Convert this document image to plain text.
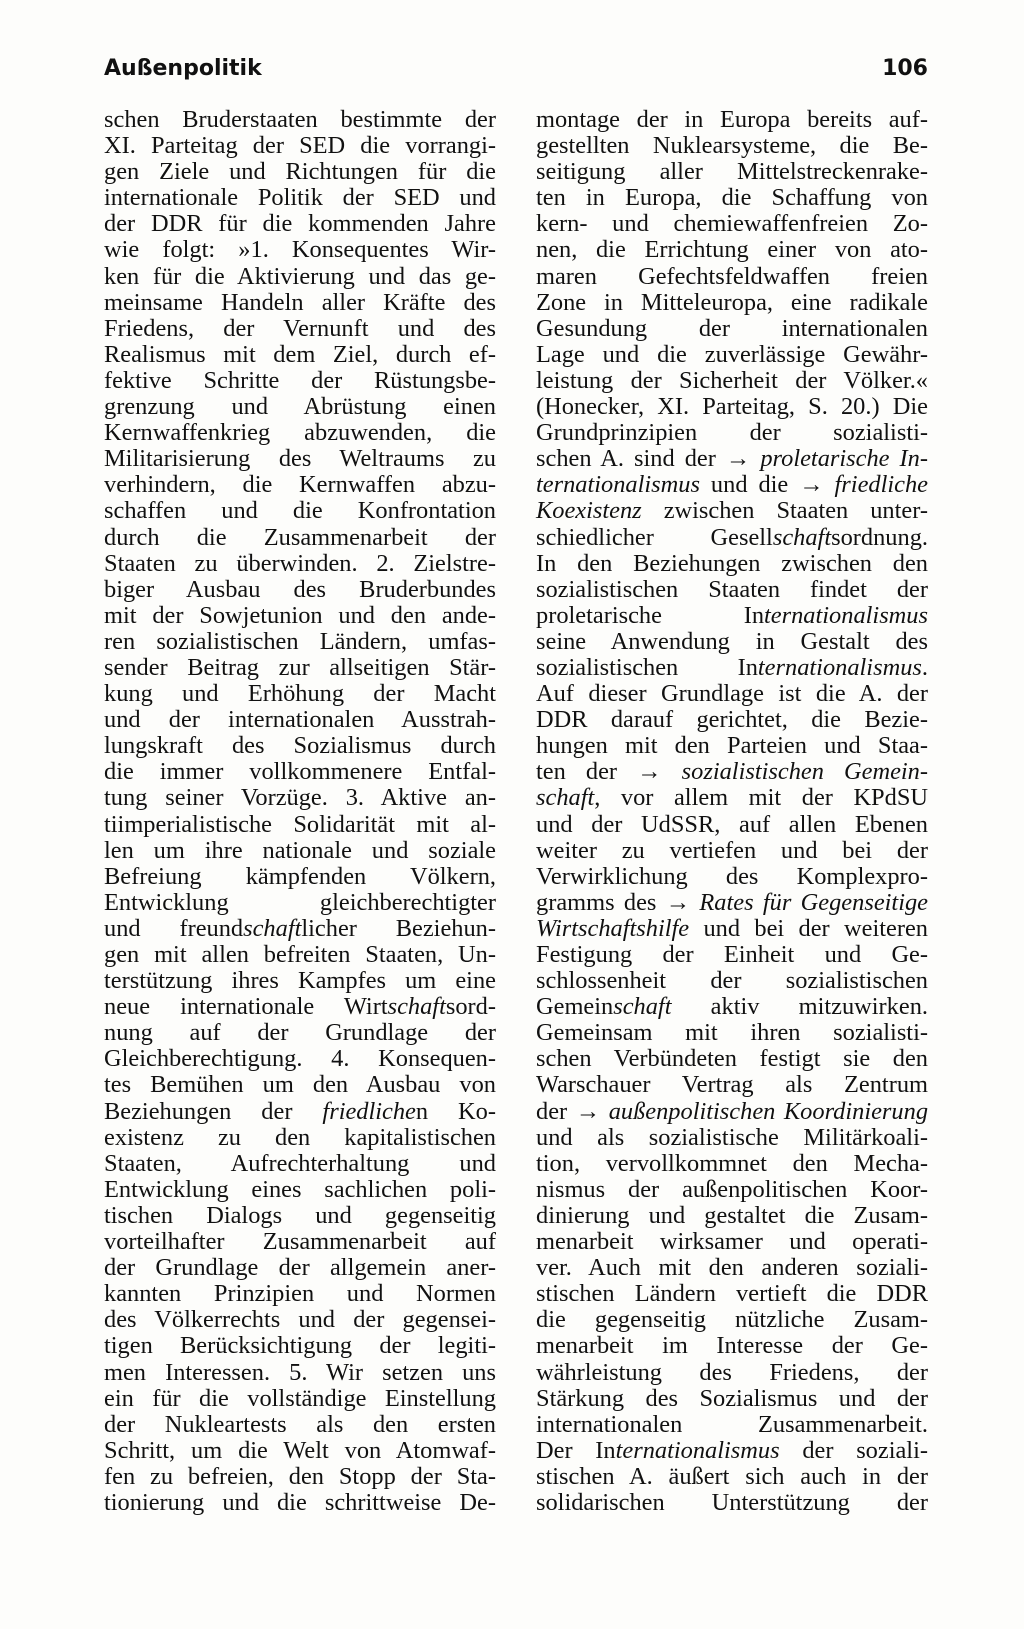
Außenpolitik	106
schen Bruderstaaten bestimmte der
XI. Parteitag der SED die vorrangi-
gen Ziele und Richtungen für die
internationale Politik der SED und
der DDR für die kommenden Jahre
wie folgt: »1. Konsequentes Wir-
ken für die Aktivierung und das ge-
meinsame Handeln aller Kräfte des
Friedens, der Vernunft und des
Realismus mit dem Ziel, durch ef-
fektive Schritte der Rüstungsbe-
grenzung und Abrüstung einen
Kernwaffenkrieg abzuwenden, die
Militarisierung des Weltraums zu
verhindern, die Kernwaffen abzu-
schaffen und die Konfrontation
durch die Zusammenarbeit der
Staaten zu überwinden. 2. Zielstre-
biger Ausbau des Bruderbundes
mit der Sowjetunion und den ande-
ren sozialistischen Ländern, umfas-
sender Beitrag zur allseitigen Stär-
kung und Erhöhung der Macht
und der internationalen Ausstrah-
lungskraft des Sozialismus durch
die immer vollkommenere Entfal-
tung seiner Vorzüge. 3. Aktive an-
tiimperialistische Solidarität mit al-
len um ihre nationale und soziale
Befreiung kämpfenden Völkern,
Entwicklung gleichberechtigter
und freundschaftlicher Beziehun-
gen mit allen befreiten Staaten, Un-
terstützung ihres Kampfes um eine
neue internationale Wirtschaftsord-
nung auf der Grundlage der
Gleichberechtigung. 4. Konsequen-
tes Bemühen um den Ausbau von
Beziehungen der friedlichen Ko-
existenz zu den kapitalistischen
Staaten, Aufrechterhaltung und
Entwicklung eines sachlichen poli-
tischen Dialogs und gegenseitig
vorteilhafter Zusammenarbeit auf
der Grundlage der allgemein aner-
kannten Prinzipien und Normen
des Völkerrechts und der gegensei-
tigen Berücksichtigung der legiti-
men Interessen. 5. Wir setzen uns
ein für die vollständige Einstellung
der Nukleartests als den ersten
Schritt, um die Welt von Atomwaf-
fen zu befreien, den Stopp der Sta-
tionierung und die schrittweise De-
montage der in Europa bereits auf-
gestellten Nuklearsysteme, die Be-
seitigung aller Mittelstreckenrake-
ten in Europa, die Schaffung von
kern- und chemiewaffenfreien Zo-
nen, die Errichtung einer von ato-
maren Gefechtsfeldwaffen freien
Zone in Mitteleuropa, eine radikale
Gesundung der internationalen
Lage und die zuverlässige Gewähr-
leistung der Sicherheit der Völker.«
(Honecker, XI. Parteitag, S. 20.) Die
Grundprinzipien der sozialisti-
schen A. sind der → proletarische In-
ternationalismus und die → friedliche
Koexistenz zwischen Staaten unter-
schiedlicher Gesellschaftsordnung.
In den Beziehungen zwischen den
sozialistischen Staaten findet der
proletarische Internationalismus
seine Anwendung in Gestalt des
sozialistischen Internationalismus.
Auf dieser Grundlage ist die A. der
DDR darauf gerichtet, die Bezie-
hungen mit den Parteien und Staa-
ten der → sozialistischen Gemein-
schaft, vor allem mit der KPdSU
und der UdSSR, auf allen Ebenen
weiter zu vertiefen und bei der
Verwirklichung des Komplexpro-
gramms des → Rates für Gegenseitige
Wirtschaftshilfe und bei der weiteren
Festigung der Einheit und Ge-
schlossenheit der sozialistischen
Gemeinschaft aktiv mitzuwirken.
Gemeinsam mit ihren sozialisti-
schen Verbündeten festigt sie den
Warschauer Vertrag als Zentrum
der → außenpolitischen Koordinierung
und als sozialistische Militärkoali-
tion, vervollkommnet den Mecha-
nismus der außenpolitischen Koor-
dinierung und gestaltet die Zusam-
menarbeit wirksamer und operati-
ver. Auch mit den anderen soziali-
stischen Ländern vertieft die DDR
die gegenseitig nützliche Zusam-
menarbeit im Interesse der Ge-
währleistung des Friedens, der
Stärkung des Sozialismus und der
internationalen Zusammenarbeit.
Der Internationalismus der soziali-
stischen A. äußert sich auch in der
solidarischen Unterstützung der
